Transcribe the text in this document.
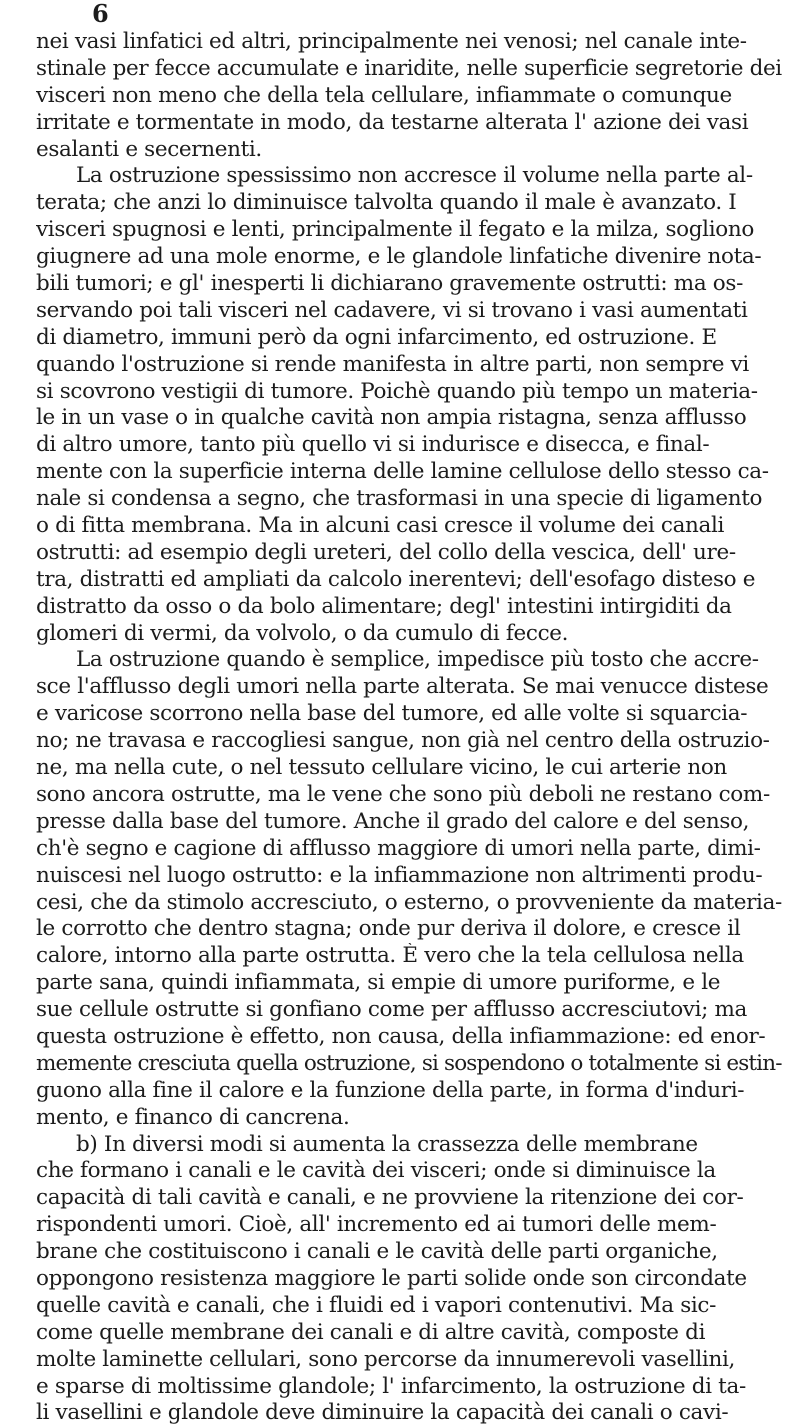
6
nei vasi linfatici ed altri, principalmente nei venosi; nel canale inte-
stinale per fecce accumulate e inaridite, nelle superficie segretorie dei
visceri non meno che della tela cellulare, infiammate o comunque
irritate e tormentate in modo, da testarne alterata l' azione dei vasi
esalanti e secernenti.
La ostruzione spessissimo non accresce il volume nella parte al-
terata; che anzi lo diminuisce talvolta quando il male è avanzato. I
visceri spugnosi e lenti, principalmente il fegato e la milza, sogliono
giugnere ad una mole enorme, e le glandole linfatiche divenire nota-
bili tumori; e gl' inesperti li dichiarano gravemente ostrutti: ma os-
servando poi tali visceri nel cadavere, vi si trovano i vasi aumentati
di diametro, immuni però da ogni infarcimento, ed ostruzione. E
quando l'ostruzione si rende manifesta in altre parti, non sempre vi
si scovrono vestigii di tumore. Poichè quando più tempo un materia-
le in un vase o in qualche cavità non ampia ristagna, senza afflusso
di altro umore, tanto più quello vi si indurisce e disecca, e final-
mente con la superficie interna delle lamine cellulose dello stesso ca-
nale si condensa a segno, che trasformasi in una specie di ligamento
o di fitta membrana. Ma in alcuni casi cresce il volume dei canali
ostrutti: ad esempio degli ureteri, del collo della vescica, dell' ure-
tra, distratti ed ampliati da calcolo inerentevi; dell'esofago disteso e
distratto da osso o da bolo alimentare; degl' intestini intirgiditi da
glomeri di vermi, da volvolo, o da cumulo di fecce.
La ostruzione quando è semplice, impedisce più tosto che accre-
sce l'afflusso degli umori nella parte alterata. Se mai venucce distese
e varicose scorrono nella base del tumore, ed alle volte si squarcia-
no; ne travasa e raccogliesi sangue, non già nel centro della ostruzio-
ne, ma nella cute, o nel tessuto cellulare vicino, le cui arterie non
sono ancora ostrutte, ma le vene che sono più deboli ne restano com-
presse dalla base del tumore. Anche il grado del calore e del senso,
ch'è segno e cagione di afflusso maggiore di umori nella parte, dimi-
nuiscesi nel luogo ostrutto: e la infiammazione non altrimenti produ-
cesi, che da stimolo accresciuto, o esterno, o provveniente da materia-
le corrotto che dentro stagna; onde pur deriva il dolore, e cresce il
calore, intorno alla parte ostrutta. È vero che la tela cellulosa nella
parte sana, quindi infiammata, si empie di umore puriforme, e le
sue cellule ostrutte si gonfiano come per afflusso accresciutovi; ma
questa ostruzione è effetto, non causa, della infiammazione: ed enor-
memente cresciuta quella ostruzione, si sospendono o totalmente si estin-
guono alla fine il calore e la funzione della parte, in forma d'induri-
mento, e financo di cancrena.
b) In diversi modi si aumenta la crassezza delle membrane
che formano i canali e le cavità dei visceri; onde si diminuisce la
capacità di tali cavità e canali, e ne provviene la ritenzione dei cor-
rispondenti umori. Cioè, all' incremento ed ai tumori delle mem-
brane che costituiscono i canali e le cavità delle parti organiche,
oppongono resistenza maggiore le parti solide onde son circondate
quelle cavità e canali, che i fluidi ed i vapori contenutivi. Ma sic-
come quelle membrane dei canali e di altre cavità, composte di
molte laminette cellulari, sono percorse da innumerevoli vasellini,
e sparse di moltissime glandole; l' infarcimento, la ostruzione di ta-
li vasellini e glandole deve diminuire la capacità dei canali o cavi-
